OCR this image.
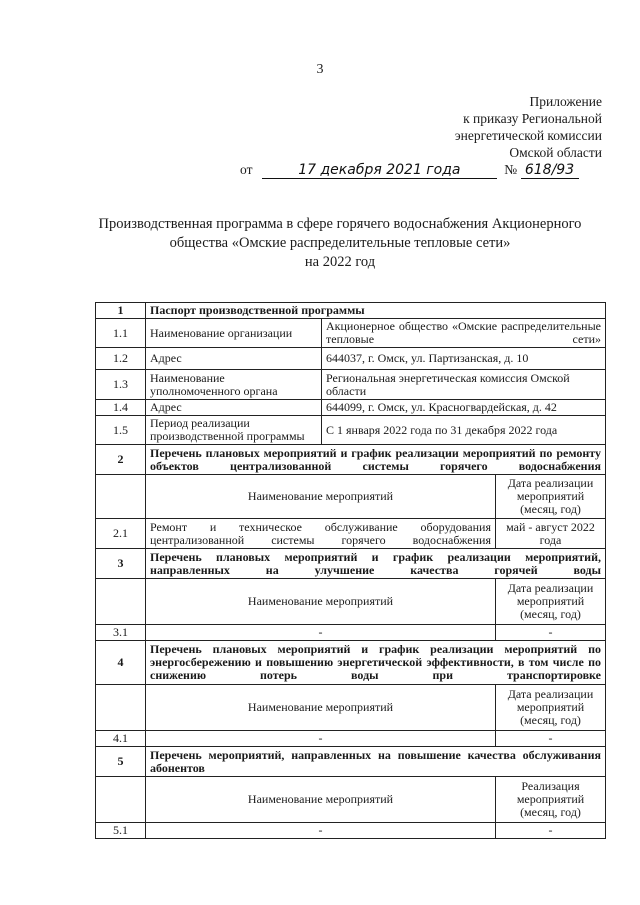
3
Приложение
к приказу Региональной
энергетической комиссии
Омской области
от	17 декабря 2021 года	№ 618/93
Производственная программа в сфере горячего водоснабжения Акционерного
общества «Омские распределительные тепловые сети»
на 2022 год
1	Паспорт производственной программы		
1.1	Наименование организации	Акционерное общество «Омские распределительные тепловые сети»	
1.2	Адрес	644037, г. Омск, ул. Партизанская, д. 10	
1.3	Наименование уполномоченного органа	Региональная энергетическая комиссия Омской области	
1.4	Адрес	644099, г. Омск, ул. Красногвардейская, д. 42	
1.5	Период реализации производственной программы	С 1 января 2022 года по 31 декабря 2022 года	
2	Перечень плановых мероприятий и график реализации мероприятий по ремонту объектов централизованной системы горячего водоснабжения		
	Наименование мероприятий		Дата реализации мероприятий (месяц, год)
2.1	Ремонт и техническое обслуживание оборудования централизованной системы горячего водоснабжения		май - август 2022 года
3	Перечень плановых мероприятий и график реализации мероприятий, направленных на улучшение качества горячей воды		
	Наименование мероприятий		Дата реализации мероприятий (месяц, год)
3.1	-		-
4	Перечень плановых мероприятий и график реализации мероприятий по энергосбережению и повышению энергетической эффективности, в том числе по снижению потерь воды при транспортировке		
	Наименование мероприятий		Дата реализации мероприятий (месяц, год)
4.1	-		-
5	Перечень мероприятий, направленных на повышение качества обслуживания абонентов		
	Наименование мероприятий		Реализация мероприятий (месяц, год)
5.1	-		-
